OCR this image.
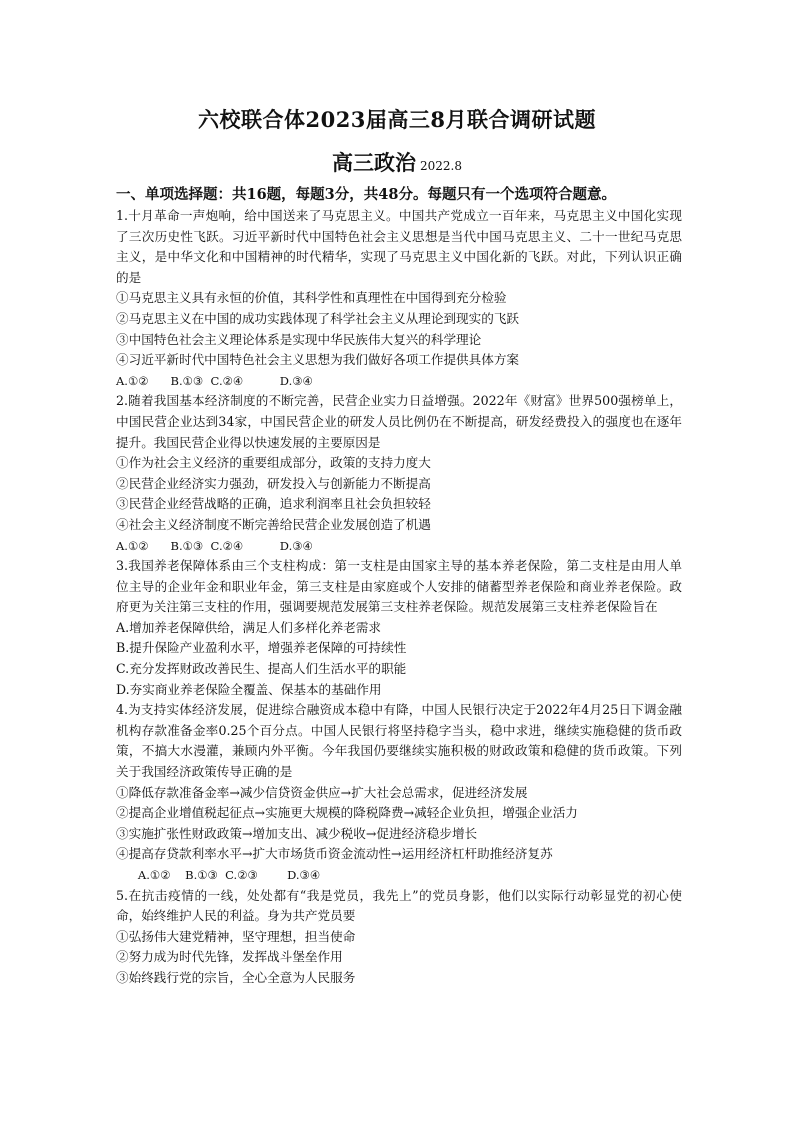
六校联合体2023届高三8月联合调研试题
高三政治 2022.8
一、单项选择题：共16题，每题3分，共48分。每题只有一个选项符合题意。

1.十月革命一声炮响，给中国送来了马克思主义。中国共产党成立一百年来，马克思主义中国化实现了三次历史性飞跃。习近平新时代中国特色社会主义思想是当代中国马克思主义、二十一世纪马克思主义，是中华文化和中国精神的时代精华，实现了马克思主义中国化新的飞跃。对此，下列认识正确的是

①马克思主义具有永恒的价值，其科学性和真理性在中国得到充分检验

②马克思主义在中国的成功实践体现了科学社会主义从理论到现实的飞跃

③中国特色社会主义理论体系是实现中华民族伟大复兴的科学理论

④习近平新时代中国特色社会主义思想为我们做好各项工作提供具体方案

A.①②      B.①③  C.②④          D.③④

2.随着我国基本经济制度的不断完善，民营企业实力日益增强。2022年《财富》世界500强榜单上，中国民营企业达到34家，中国民营企业的研发人员比例仍在不断提高，研发经费投入的强度也在逐年提升。我国民营企业得以快速发展的主要原因是

①作为社会主义经济的重要组成部分，政策的支持力度大

②民营企业经济实力强劲，研发投入与创新能力不断提高

③民营企业经营战略的正确，追求利润率且社会负担较轻

④社会主义经济制度不断完善给民营企业发展创造了机遇

A.①②      B.①③  C.②④          D.③④

3.我国养老保障体系由三个支柱构成：第一支柱是由国家主导的基本养老保险，第二支柱是由用人单位主导的企业年金和职业年金，第三支柱是由家庭或个人安排的储蓄型养老保险和商业养老保险。政府更为关注第三支柱的作用，强调要规范发展第三支柱养老保险。规范发展第三支柱养老保险旨在

A.增加养老保障供给，满足人们多样化养老需求

B.提升保险产业盈利水平，增强养老保障的可持续性

C.充分发挥财政改善民生、提高人们生活水平的职能

D.夯实商业养老保险全覆盖、保基本的基础作用

4.为支持实体经济发展，促进综合融资成本稳中有降，中国人民银行决定于2022年4月25日下调金融机构存款准备金率0.25个百分点。中国人民银行将坚持稳字当头，稳中求进，继续实施稳健的货币政策，不搞大水漫灌，兼顾内外平衡。今年我国仍要继续实施积极的财政政策和稳健的货币政策。下列关于我国经济政策传导正确的是

①降低存款准备金率→减少信贷资金供应→扩大社会总需求，促进经济发展

②提高企业增值税起征点→实施更大规模的降税降费→减轻企业负担，增强企业活力

③实施扩张性财政政策→增加支出、减少税收→促进经济稳步增长

④提高存贷款利率水平→扩大市场货币资金流动性→运用经济杠杆助推经济复苏

A.①②    B.①③  C.②③        D.③④

5.在抗击疫情的一线，处处都有“我是党员，我先上”的党员身影，他们以实际行动彰显党的初心使命，始终维护人民的利益。身为共产党员要

①弘扬伟大建党精神，坚守理想，担当使命

②努力成为时代先锋，发挥战斗堡垒作用

③始终践行党的宗旨，全心全意为人民服务
